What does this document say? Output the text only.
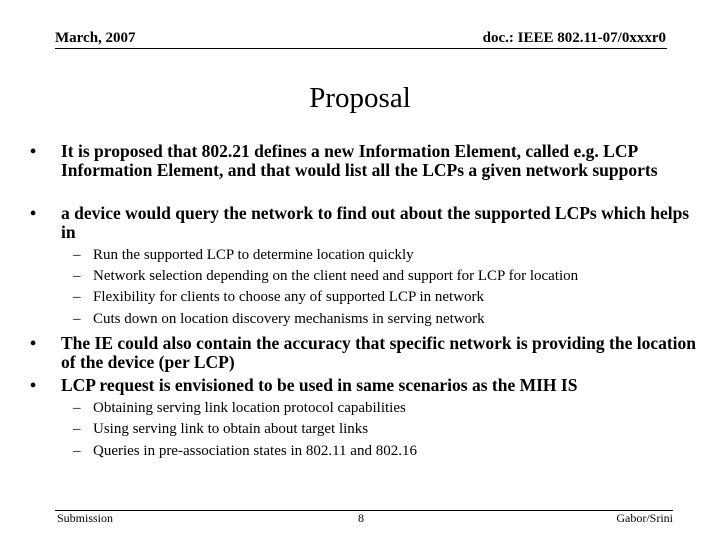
March, 2007	doc.: IEEE 802.11-07/0xxxr0
Proposal
• It is proposed that 802.21 defines a new Information Element, called e.g. LCP Information Element, and that would list all the LCPs a given network supports
• a device would query the network to find out about the supported LCPs which helps in
– Run the supported LCP to determine location quickly
– Network selection depending on the client need and support for LCP for location
– Flexibility for clients to choose any of supported LCP in network
– Cuts down on location discovery mechanisms in serving network
• The IE could also contain the accuracy that specific network is providing the location of the device (per LCP)
• LCP request is envisioned to be used in same scenarios as the MIH IS
– Obtaining serving link location protocol capabilities
– Using serving link to obtain about target links
– Queries in pre-association states in 802.11 and 802.16
Submission	8	Gabor/Srini
